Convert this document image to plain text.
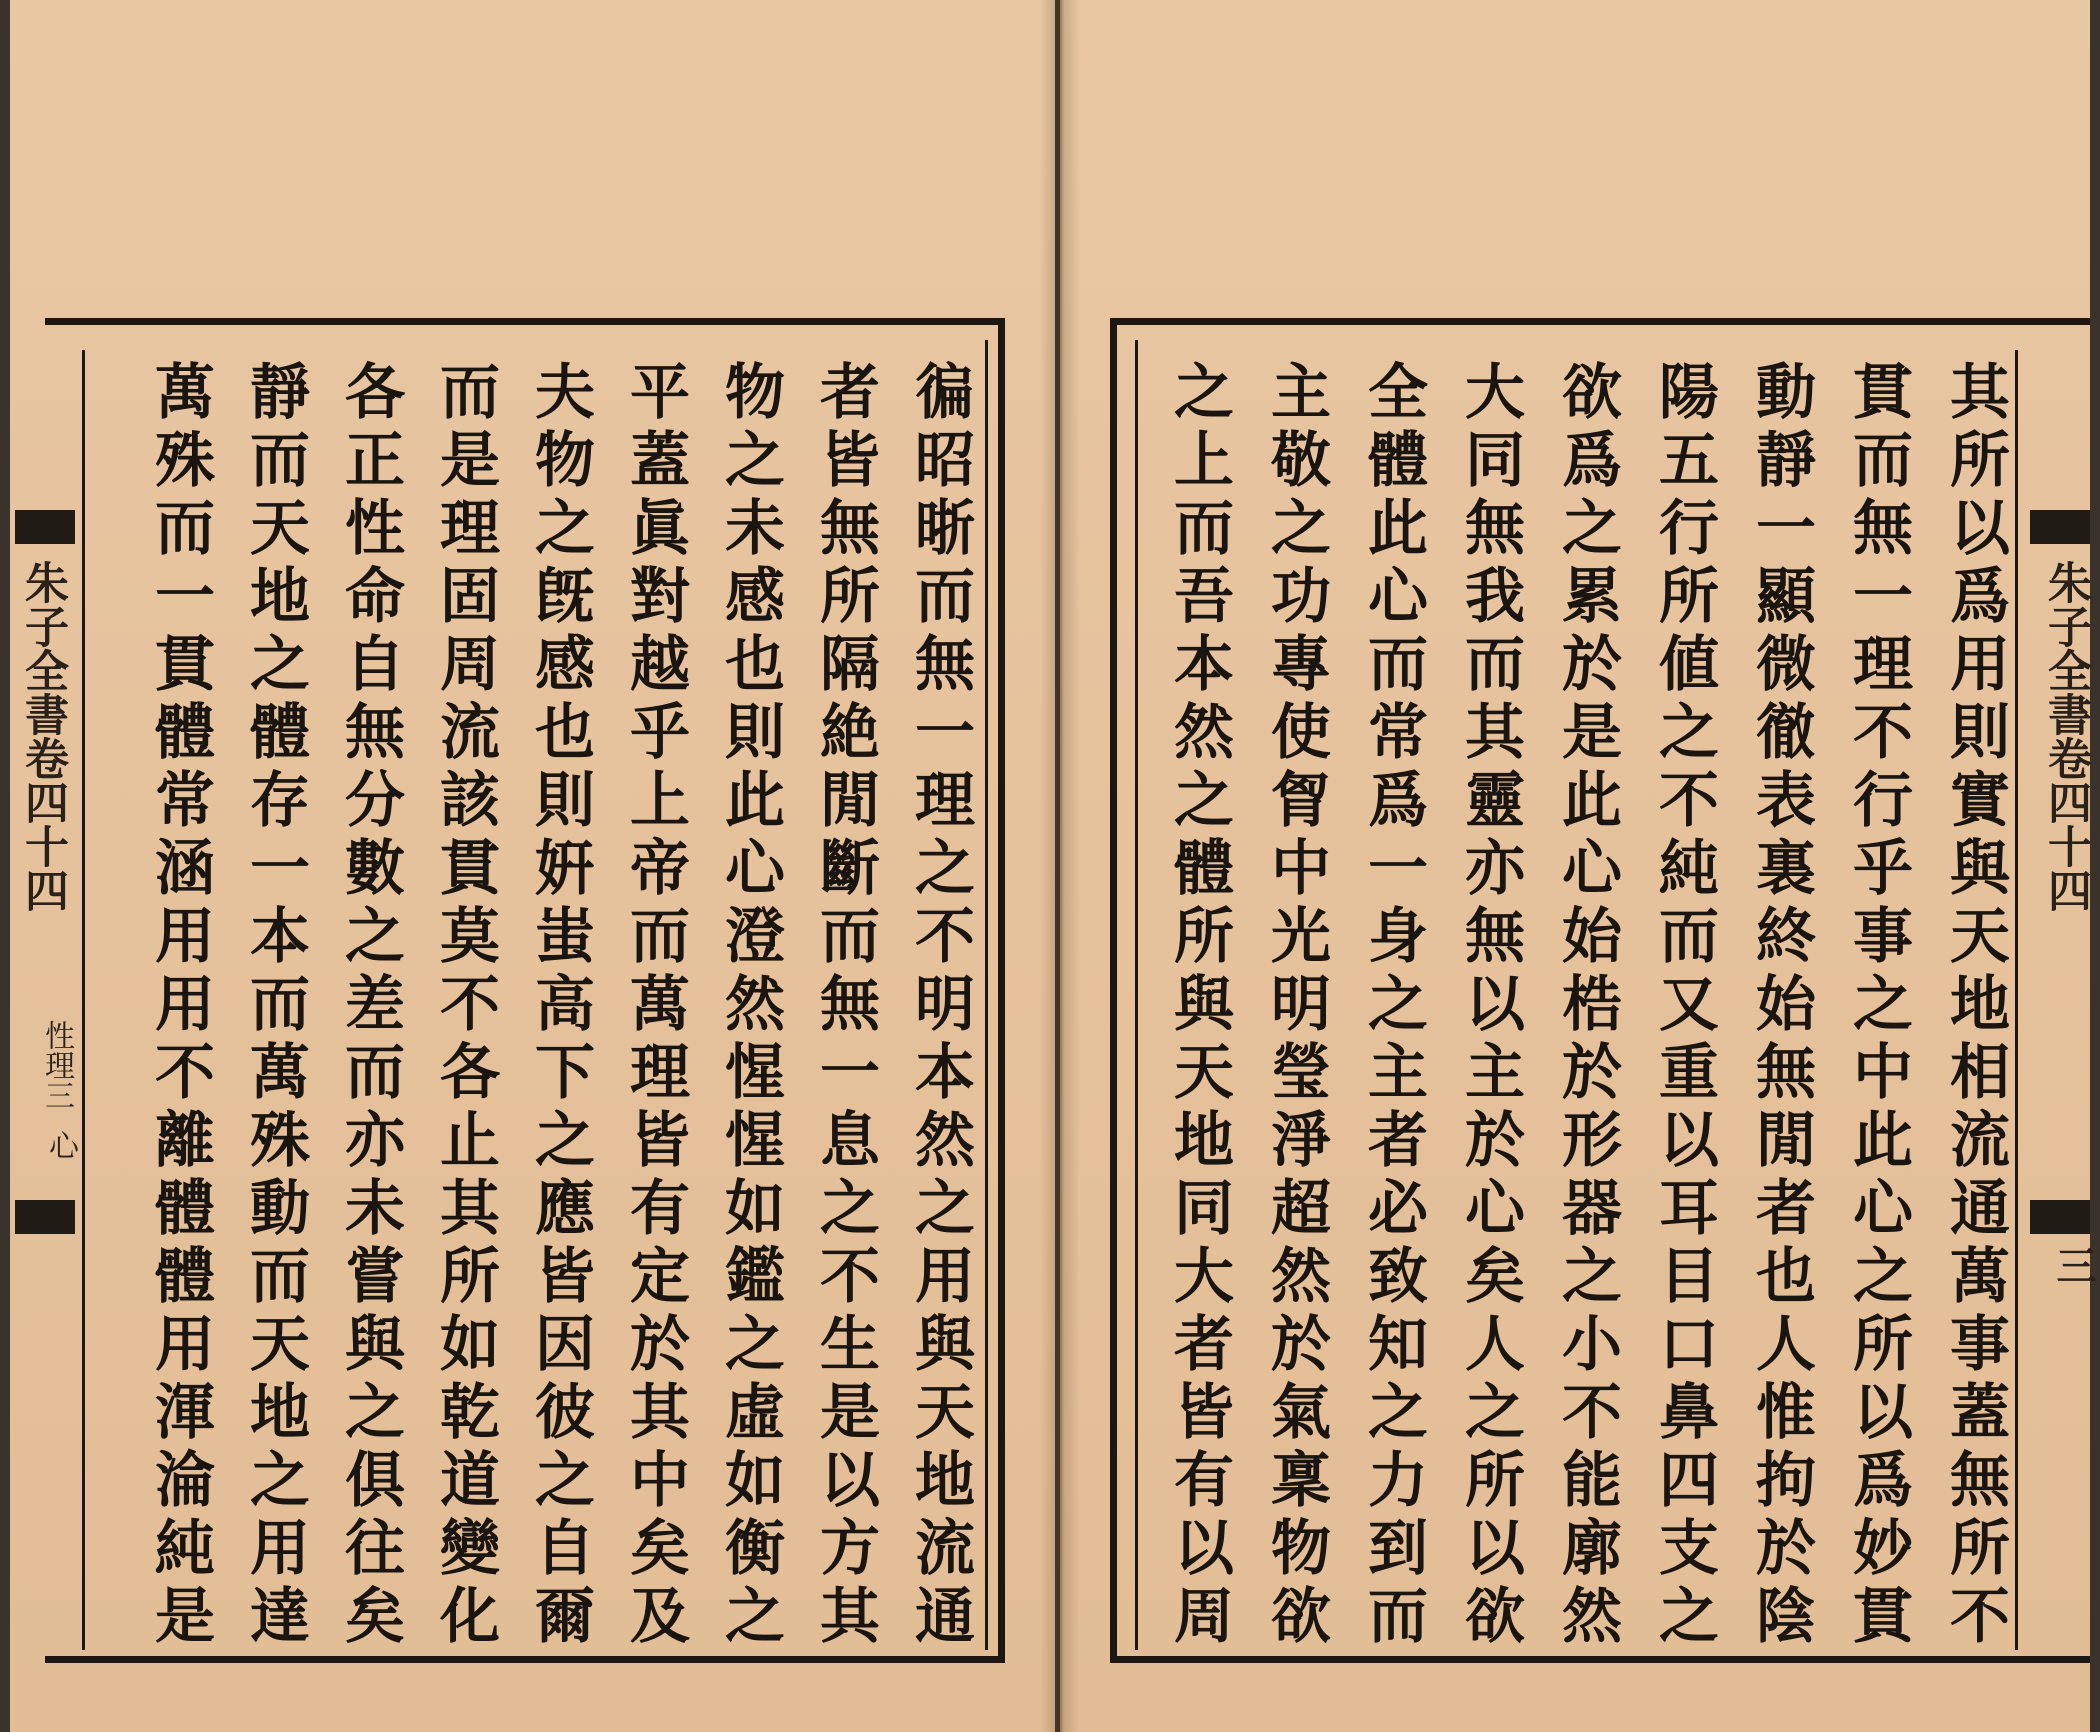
朱子全書卷四十四
性理三
心
朱子全書卷四十四
三
徧昭晣而無一理之不明本然之用與天地流通
者皆無所隔絶閒斷而無一息之不生是以方其
物之未感也則此心澄然惺惺如鑑之虛如衡之
平蓋眞對越乎上帝而萬理皆有定於其中矣及
夫物之旣感也則姸蚩高下之應皆因彼之自爾
而是理固周流該貫莫不各止其所如乾道變化
各正性命自無分數之差而亦未嘗與之俱往矣
靜而天地之體存一本而萬殊動而天地之用達
萬殊而一貫體常涵用用不離體體用渾淪純是	其所以爲用則實與天地相流通萬事蓋無所不
貫而無一理不行乎事之中此心之所以爲妙貫
動靜一顯微徹表裏終始無閒者也人惟拘於陰
陽五行所値之不純而又重以耳目口鼻四支之
欲爲之累於是此心始梏於形器之小不能廓然
大同無我而其靈亦無以主於心矣人之所以欲
全體此心而常爲一身之主者必致知之力到而
主敬之功專使胷中光明瑩淨超然於氣稟物欲
之上而吾本然之體所與天地同大者皆有以周
